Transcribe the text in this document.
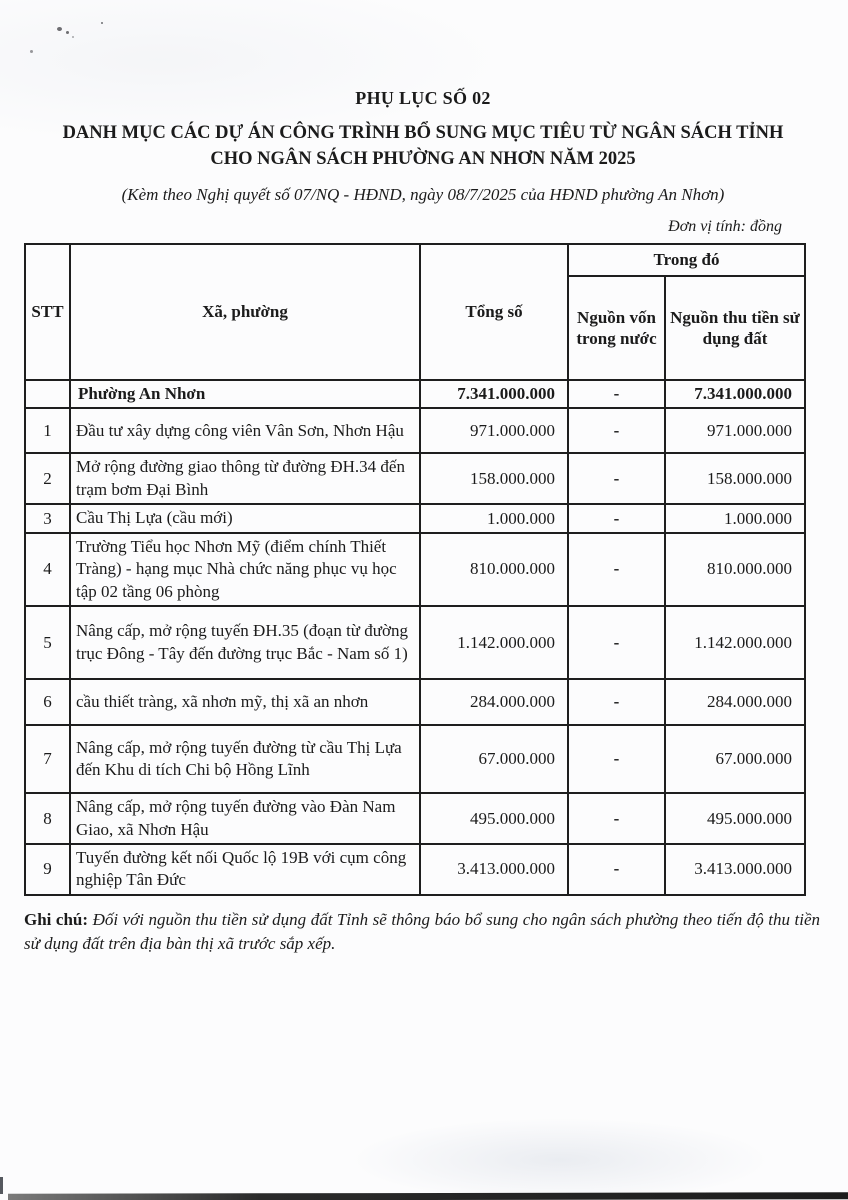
PHỤ LỤC SỐ 02
DANH MỤC CÁC DỰ ÁN CÔNG TRÌNH BỔ SUNG MỤC TIÊU TỪ NGÂN SÁCH TỈNH
CHO NGÂN SÁCH PHƯỜNG AN NHƠN NĂM 2025
(Kèm theo Nghị quyết số 07/NQ - HĐND, ngày 08/7/2025 của HĐND phường An Nhơn)
Đơn vị tính: đồng
STT	Xã, phường	Tổng số	Trong đó	
			Nguồn vốn trong nước	Nguồn thu tiền sử dụng đất
	Phường An Nhơn	7.341.000.000	-	7.341.000.000
1	Đầu tư xây dựng công viên Vân Sơn, Nhơn Hậu	971.000.000	-	971.000.000
2	Mở rộng đường giao thông từ đường ĐH.34 đến trạm bơm Đại Bình	158.000.000	-	158.000.000
3	Cầu Thị Lựa (cầu mới)	1.000.000	-	1.000.000
4	Trường Tiểu học Nhơn Mỹ (điểm chính Thiết Tràng) - hạng mục Nhà chức năng phục vụ học tập 02 tầng 06 phòng	810.000.000	-	810.000.000
5	Nâng cấp, mở rộng tuyến ĐH.35 (đoạn từ đường trục Đông - Tây đến đường trục Bắc - Nam số 1)	1.142.000.000	-	1.142.000.000
6	cầu thiết tràng, xã nhơn mỹ, thị xã an nhơn	284.000.000	-	284.000.000
7	Nâng cấp, mở rộng tuyến đường từ cầu Thị Lựa đến Khu di tích Chi bộ Hồng Lĩnh	67.000.000	-	67.000.000
8	Nâng cấp, mở rộng tuyến đường vào Đàn Nam Giao, xã Nhơn Hậu	495.000.000	-	495.000.000
9	Tuyến đường kết nối Quốc lộ 19B với cụm công nghiệp Tân Đức	3.413.000.000	-	3.413.000.000

Ghi chú: Đối với nguồn thu tiền sử dụng đất Tỉnh sẽ thông báo bổ sung cho ngân sách phường theo tiến độ thu tiền sử dụng đất trên địa bàn thị xã trước sắp xếp.
